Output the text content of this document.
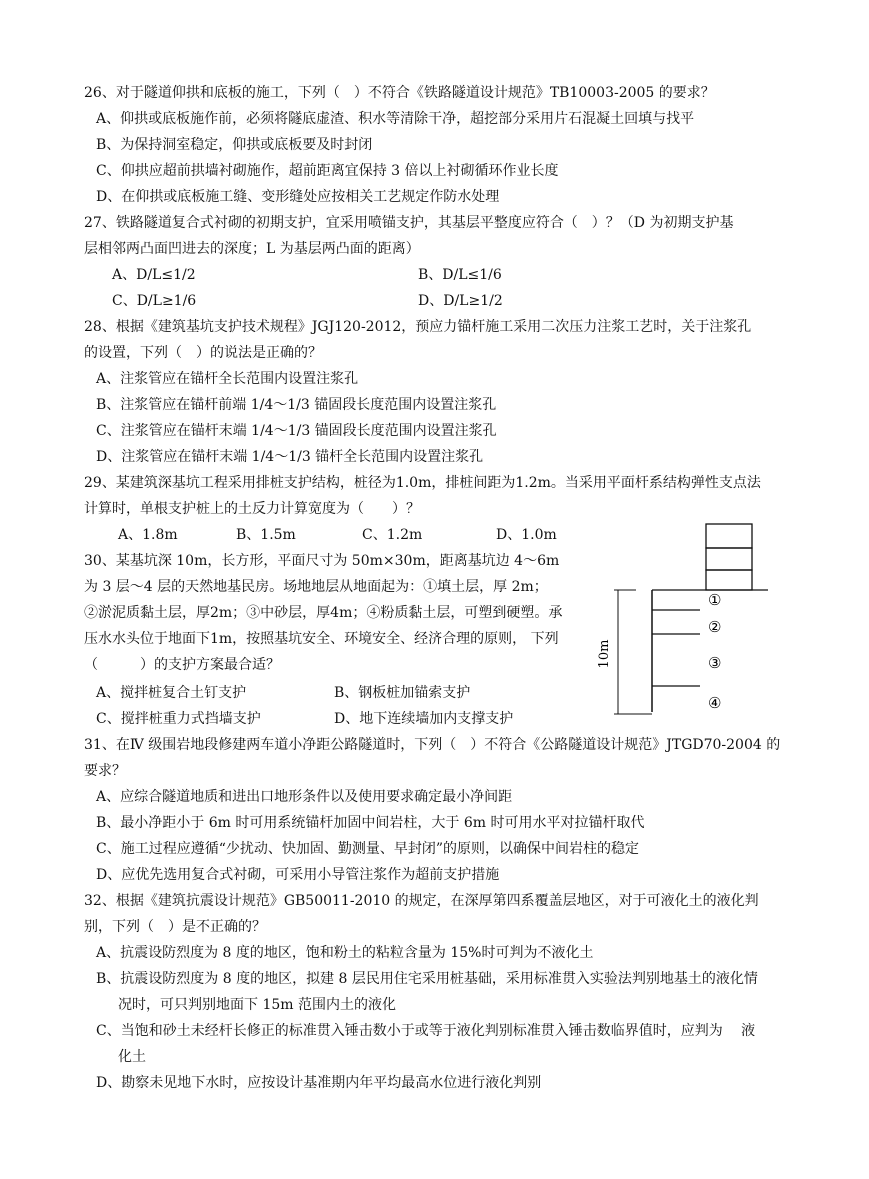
26、对于隧道仰拱和底板的施工，下列（　）不符合《铁路隧道设计规范》TB10003-2005 的要求？
A、仰拱或底板施作前，必须将隧底虚渣、积水等清除干净，超挖部分采用片石混凝土回填与找平
B、为保持洞室稳定，仰拱或底板要及时封闭
C、仰拱应超前拱墙衬砌施作，超前距离宜保持 3 倍以上衬砌循环作业长度
D、在仰拱或底板施工缝、变形缝处应按相关工艺规定作防水处理
27、铁路隧道复合式衬砌的初期支护，宜采用喷锚支护，其基层平整度应符合（　）？（D 为初期支护基
层相邻两凸面凹进去的深度；L 为基层两凸面的距离）
A、D/L≤1/2	B、D/L≤1/6
C、D/L≥1/6	D、D/L≥1/2
28、根据《建筑基坑支护技术规程》JGJ120-2012，预应力锚杆施工采用二次压力注浆工艺时，关于注浆孔
的设置，下列（　）的说法是正确的？
A、注浆管应在锚杆全长范围内设置注浆孔
B、注浆管应在锚杆前端 1/4～1/3 锚固段长度范围内设置注浆孔
C、注浆管应在锚杆末端 1/4～1/3 锚固段长度范围内设置注浆孔
D、注浆管应在锚杆末端 1/4～1/3 锚杆全长范围内设置注浆孔
29、某建筑深基坑工程采用排桩支护结构，桩径为1.0m，排桩间距为1.2m。当采用平面杆系结构弹性支点法
计算时，单根支护桩上的土反力计算宽度为（　　）？
A、1.8m	B、1.5m	C、1.2m	D、1.0m
30、某基坑深 10m，长方形，平面尺寸为 50m×30m，距离基坑边 4～6m
为 3 层～4 层的天然地基民房。场地地层从地面起为：①填土层，厚 2m；
②淤泥质黏土层，厚2m；③中砂层，厚4m；④粉质黏土层，可塑到硬塑。承
压水水头位于地面下1m，按照基坑安全、环境安全、经济合理的原则， 下列
（　　　）的支护方案最合适？
A、搅拌桩复合土钉支护	B、钢板桩加锚索支护
C、搅拌桩重力式挡墙支护	D、地下连续墙加内支撑支护
10m
①
②
③
④
31、在Ⅳ 级围岩地段修建两车道小净距公路隧道时，下列（　）不符合《公路隧道设计规范》JTGD70-2004 的
要求？
A、应综合隧道地质和进出口地形条件以及使用要求确定最小净间距
B、最小净距小于 6m 时可用系统锚杆加固中间岩柱，大于 6m 时可用水平对拉锚杆取代
C、施工过程应遵循“少扰动、快加固、勤测量、早封闭”的原则，以确保中间岩柱的稳定
D、应优先选用复合式衬砌，可采用小导管注浆作为超前支护措施
32、根据《建筑抗震设计规范》GB50011-2010 的规定，在深厚第四系覆盖层地区，对于可液化土的液化判
别，下列（　）是不正确的？
A、抗震设防烈度为 8 度的地区，饱和粉土的粘粒含量为 15%时可判为不液化土
B、抗震设防烈度为 8 度的地区，拟建 8 层民用住宅采用桩基础，采用标准贯入实验法判别地基土的液化情
况时，可只判别地面下 15m 范围内土的液化
C、当饱和砂土未经杆长修正的标准贯入锤击数小于或等于液化判别标准贯入锤击数临界值时，应判为　 液
化土
D、勘察未见地下水时，应按设计基准期内年平均最高水位进行液化判别
